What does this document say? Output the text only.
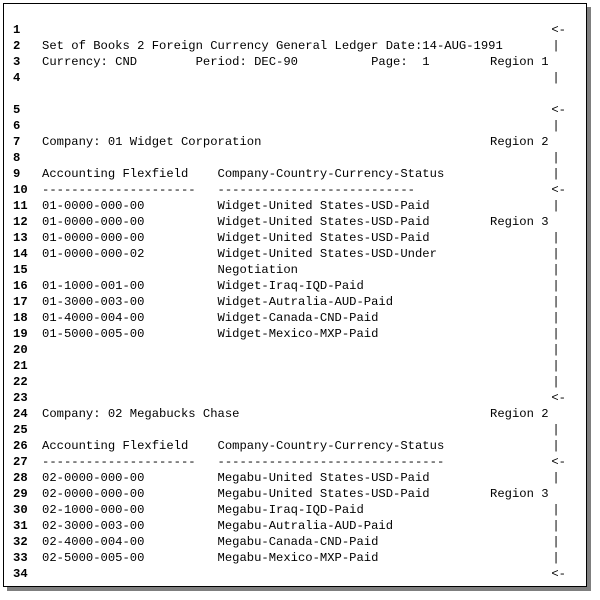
1	<-
2	Set of Books 2 Foreign Currency General Ledger Date:14-AUG-1991	|
3	Currency: CND        Period: DEC-90          Page:  1	Region 1
4	|
5	<-
6	|
7	Company: 01 Widget Corporation	Region 2
8	|
9	Accounting Flexfield    Company-Country-Currency-Status	|
10	---------------------   ---------------------------	<-
11	01-0000-000-00          Widget-United States-USD-Paid	|
12	01-0000-000-00          Widget-United States-USD-Paid	Region 3
13	01-0000-000-00          Widget-United States-USD-Paid	|
14	01-0000-000-02          Widget-United States-USD-Under	|
15	Negotiation	|
16	01-1000-001-00          Widget-Iraq-IQD-Paid	|
17	01-3000-003-00          Widget-Autralia-AUD-Paid	|
18	01-4000-004-00          Widget-Canada-CND-Paid	|
19	01-5000-005-00          Widget-Mexico-MXP-Paid	|
20	|
21	|
22	|
23	<-
24	Company: 02 Megabucks Chase	Region 2
25	|
26	Accounting Flexfield    Company-Country-Currency-Status	|
27	---------------------   -------------------------------	<-
28	02-0000-000-00          Megabu-United States-USD-Paid	|
29	02-0000-000-00          Megabu-United States-USD-Paid	Region 3
30	02-1000-000-00          Megabu-Iraq-IQD-Paid	|
31	02-3000-003-00          Megabu-Autralia-AUD-Paid	|
32	02-4000-004-00          Megabu-Canada-CND-Paid	|
33	02-5000-005-00          Megabu-Mexico-MXP-Paid	|
34	<-
